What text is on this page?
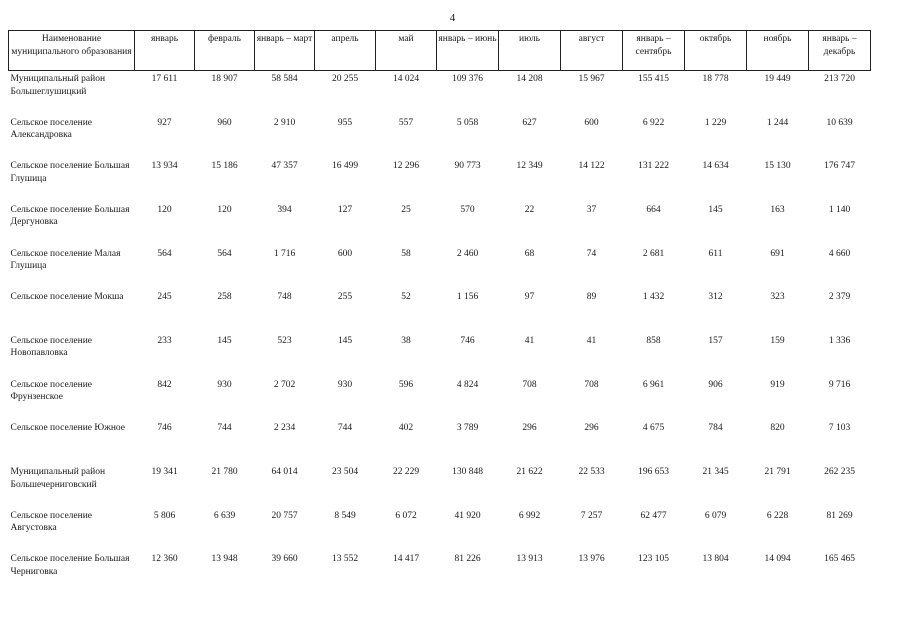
4
Наименование муниципального образования	январь	февраль	январь – март	апрель	май	январь – июнь	июль	август	январь – сентябрь	октябрь	ноябрь	январь – декабрь
Муниципальный район Большеглушицкий	17 611	18 907	58 584	20 255	14 024	109 376	14 208	15 967	155 415	18 778	19 449	213 720
Сельское поселение Александровка	927	960	2 910	955	557	5 058	627	600	6 922	1 229	1 244	10 639
Сельское поселение Большая Глушица	13 934	15 186	47 357	16 499	12 296	90 773	12 349	14 122	131 222	14 634	15 130	176 747
Сельское поселение Большая Дергуновка	120	120	394	127	25	570	22	37	664	145	163	1 140
Сельское поселение Малая Глушица	564	564	1 716	600	58	2 460	68	74	2 681	611	691	4 660
Сельское поселение Мокша	245	258	748	255	52	1 156	97	89	1 432	312	323	2 379
Сельское поселение Новопавловка	233	145	523	145	38	746	41	41	858	157	159	1 336
Сельское поселение Фрунзенское	842	930	2 702	930	596	4 824	708	708	6 961	906	919	9 716
Сельское поселение Южное	746	744	2 234	744	402	3 789	296	296	4 675	784	820	7 103
Муниципальный район Большечерниговский	19 341	21 780	64 014	23 504	22 229	130 848	21 622	22 533	196 653	21 345	21 791	262 235
Сельское поселение Августовка	5 806	6 639	20 757	8 549	6 072	41 920	6 992	7 257	62 477	6 079	6 228	81 269
Сельское поселение Большая Черниговка	12 360	13 948	39 660	13 552	14 417	81 226	13 913	13 976	123 105	13 804	14 094	165 465
